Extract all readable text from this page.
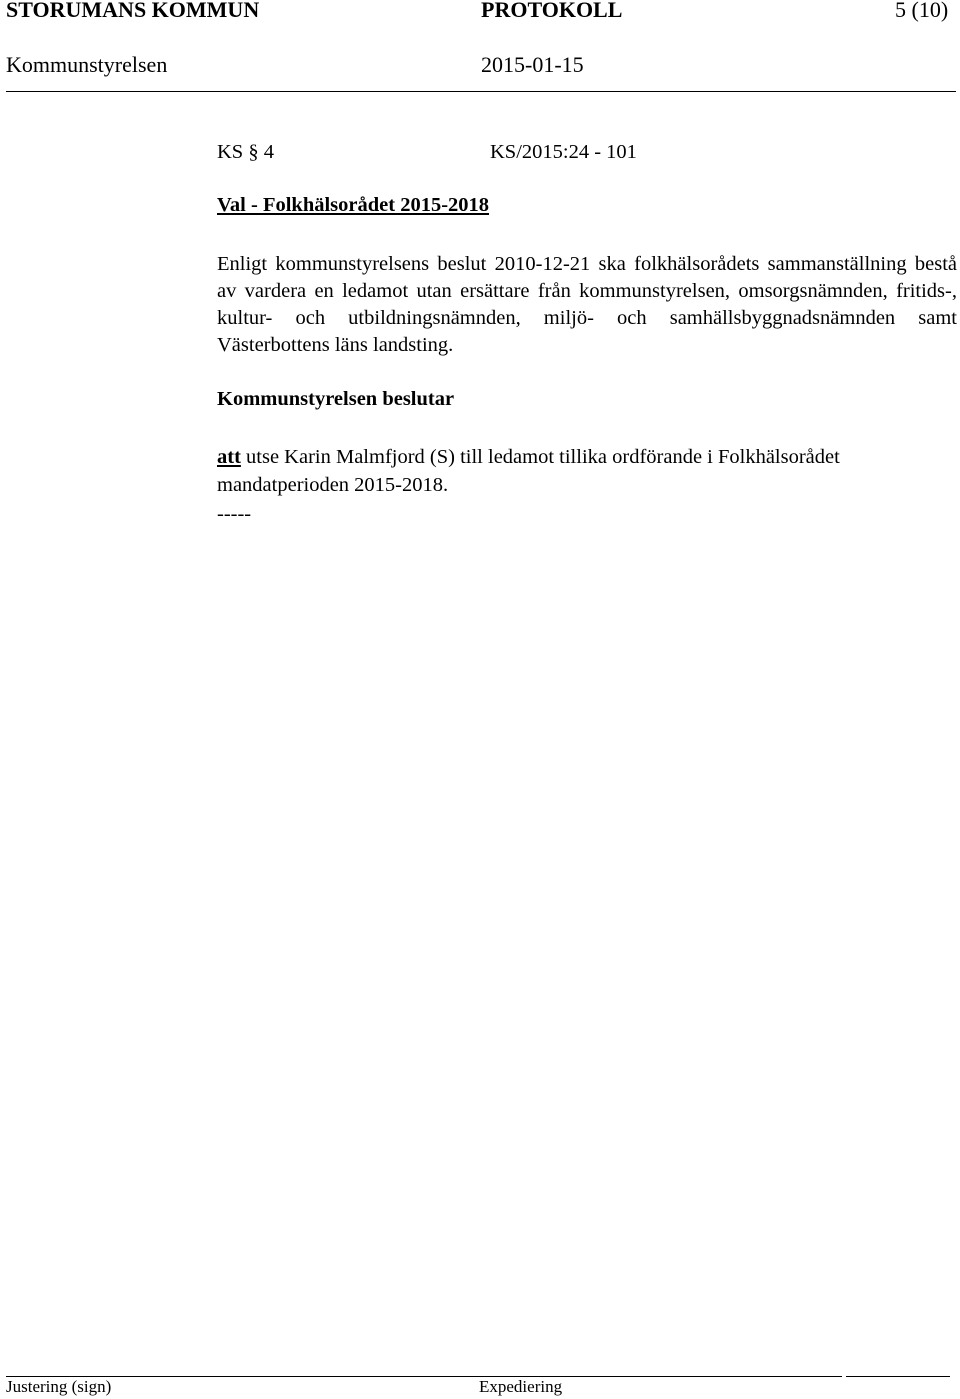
STORUMANS KOMMUN	PROTOKOLL	5 (10)
Kommunstyrelsen	2015-01-15
KS § 4	KS/2015:24 - 101
Val - Folkhälsorådet 2015-2018
Enligt kommunstyrelsens beslut 2010-12-21 ska folkhälsorådets sammanställning bestå av vardera en ledamot utan ersättare från kommunstyrelsen, omsorgsnämnden, fritids-, kultur- och utbildningsnämnden, miljö- och samhällsbyggnadsnämnden samt Västerbottens läns landsting.
Kommunstyrelsen beslutar
att utse Karin Malmfjord (S) till ledamot tillika ordförande i Folkhälsorådet mandatperioden 2015-2018.
-----
Justering (sign)	Expediering
